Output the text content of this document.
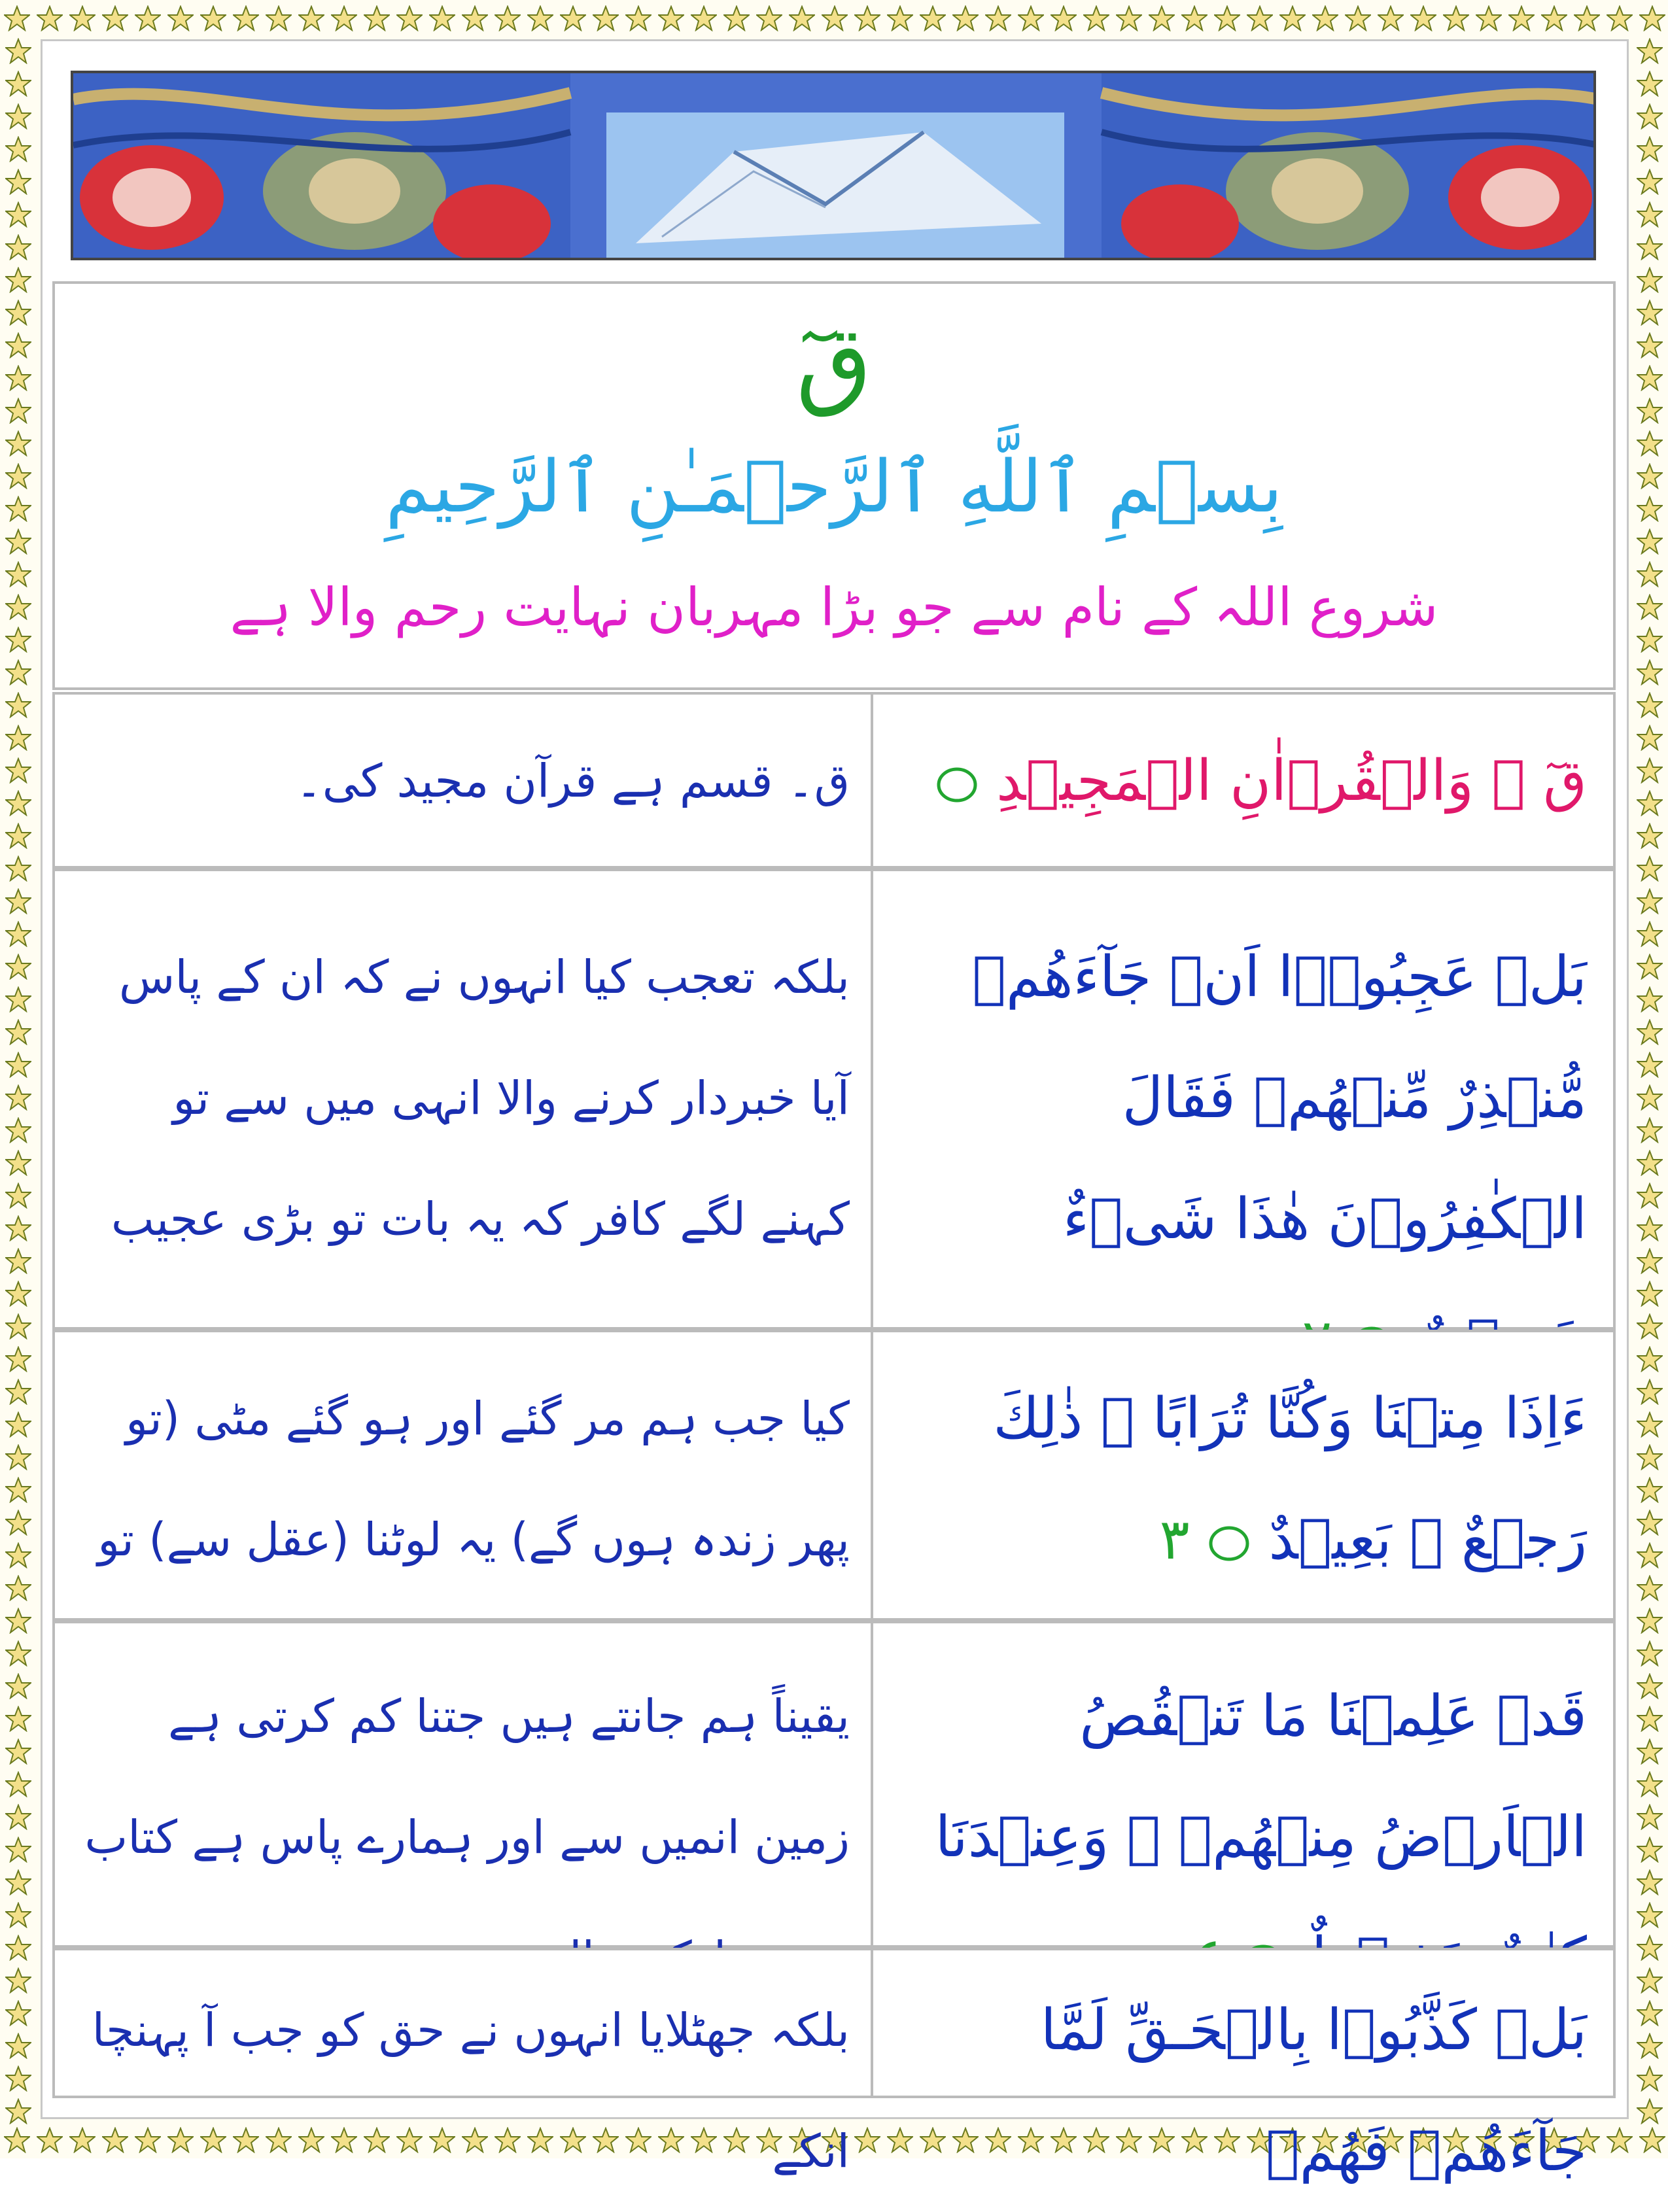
قٓ
بِسۡمِ ٱللَّهِ ٱلرَّحۡمَـٰنِ ٱلرَّحِيمِ
شروع اللہ کے نام سے جو بڑا مہربان نہایت رحم والا ہے
قٓ ۚ وَالۡقُرۡاٰنِ الۡمَجِيۡدِ
ق۔ قسم ہے قرآن مجید کی۔
بَلۡ عَجِبُوۡۤا اَنۡ جَآءَهُمۡ مُّنۡذِرٌ مِّنۡهُمۡ فَقَالَ الۡكٰفِرُوۡنَ هٰذَا شَىۡءٌ
بلکہ تعجب کیا انہوں نے کہ ان کے پاس آیا خبردار کرنے والا انہی میں سے تو کہنے لگے کافر کہ یہ بات تو بڑی عجیب
ءَاِذَا مِتۡنَا وَكُنَّا تُرَابًا ۚ ذٰلِكَ رَجۡعٌ ۢ بَعِيۡدٌ  ٣
کیا جب ہم مر گئے اور ہو گئے مٹی (تو پھر زندہ ہوں گے) یہ لوٹنا (عقل سے) تو
قَدۡ عَلِمۡنَا مَا تَنۡقُصُ الۡاَرۡضُ مِنۡهُمۡ ۚ وَعِنۡدَنَا
یقیناً ہم جانتے ہیں جتنا کم کرتی ہے زمین انمیں سے اور ہمارے پاس ہے کتاب
بَلۡ كَذَّبُوۡا بِالۡحَـقِّ لَمَّا جَآءَهُمۡ فَهُمۡ
بلکہ جھٹلایا انہوں نے حق کو جب آ پہنچا انکے
